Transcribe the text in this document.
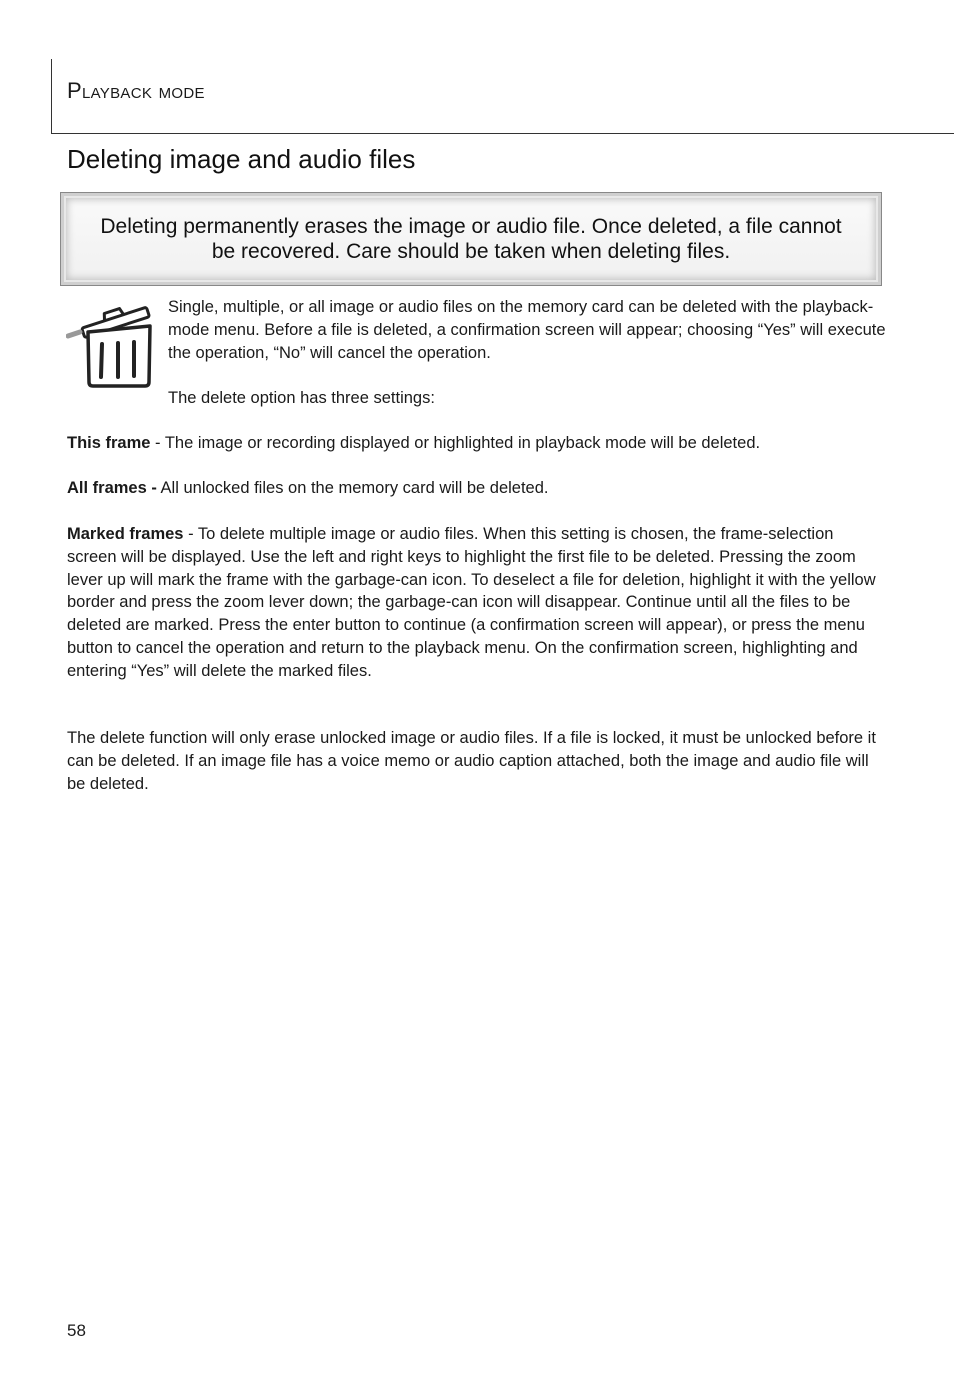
Playback mode
Deleting image and audio files
Deleting permanently erases the image or audio file. Once deleted, a file cannot be recovered. Care should be taken when deleting files.
Single, multiple, or all image or audio files on the memory card can be deleted with the playback-mode menu. Before a file is deleted, a confirmation screen will appear; choosing “Yes” will execute the operation, “No” will cancel the operation.
The delete option has three settings:
This frame - The image or recording displayed or highlighted in playback mode will be deleted.
All frames - All unlocked files on the memory card will be deleted.
Marked frames - To delete multiple image or audio files. When this setting is chosen, the frame-selection screen will be displayed. Use the left and right keys to highlight the first file to be deleted. Pressing the zoom lever up will mark the frame with the garbage-can icon. To deselect a file for deletion, highlight it with the yellow border and press the zoom lever down; the garbage-can icon will disappear. Continue until all the files to be deleted are marked. Press the enter button to continue (a confirmation screen will appear), or press the menu button to cancel the operation and return to the playback menu. On the confirmation screen, highlighting and entering “Yes” will delete the marked files.
The delete function will only erase unlocked image or audio files. If a file is locked, it must be unlocked before it can be deleted. If an image file has a voice memo or audio caption attached, both the image and audio file will be deleted.
58
